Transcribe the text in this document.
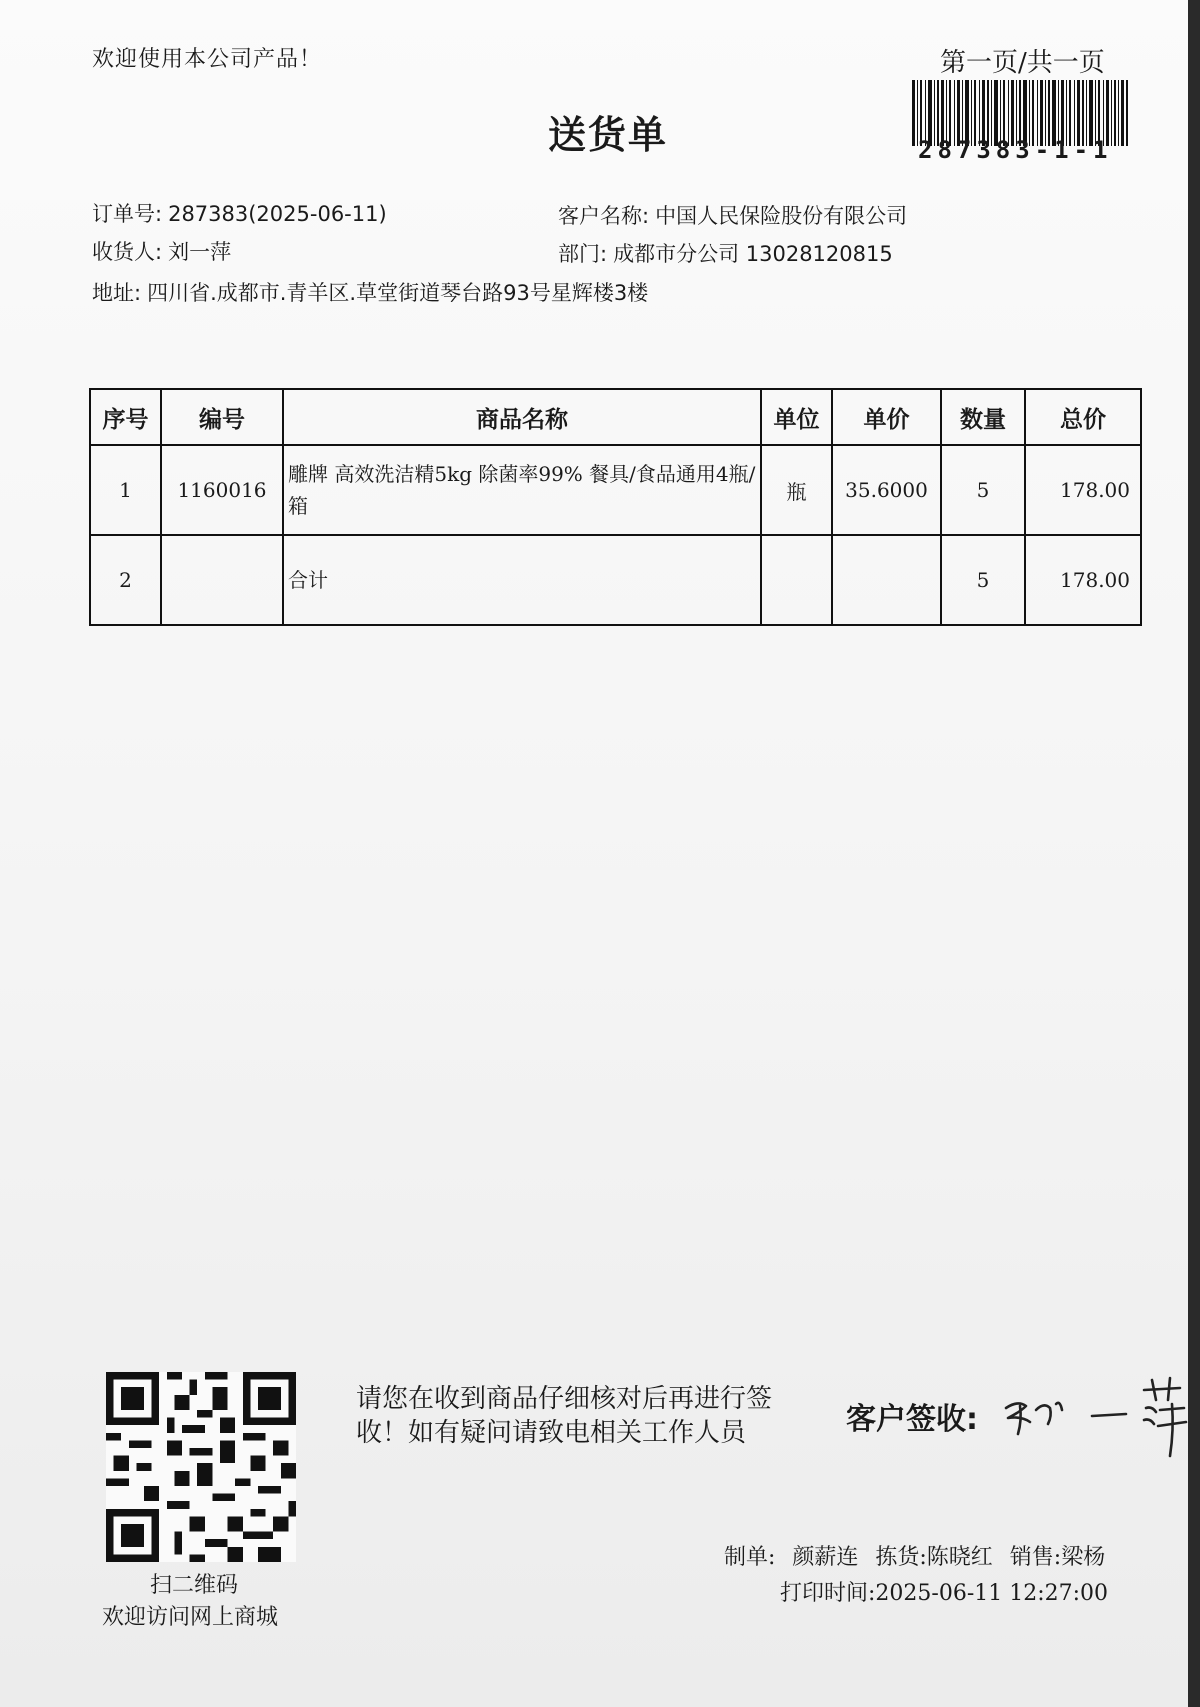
欢迎使用本公司产品！	第一页/共一页
送货单	287383-1-1
订单号: 287383(2025-06-11)	客户名称: 中国人民保险股份有限公司
收货人: 刘一萍	部门: 成都市分公司 13028120815
地址: 四川省.成都市.青羊区.草堂街道琴台路93号星辉楼3楼
序号	编号	商品名称	单位	单价	数量	总价
1	1160016	雕牌 高效洗洁精5kg 除菌率99% 餐具/食品通用4瓶/箱	瓶	35.6000	5	178.00
2		合计			5	178.00
扫二维码
欢迎访问网上商城
请您在收到商品仔细核对后再进行签收！如有疑问请致电相关工作人员	客户签收:
制单: 颜薪连 拣货:陈晓红 销售:梁杨
打印时间:2025-06-11 12:27:00
